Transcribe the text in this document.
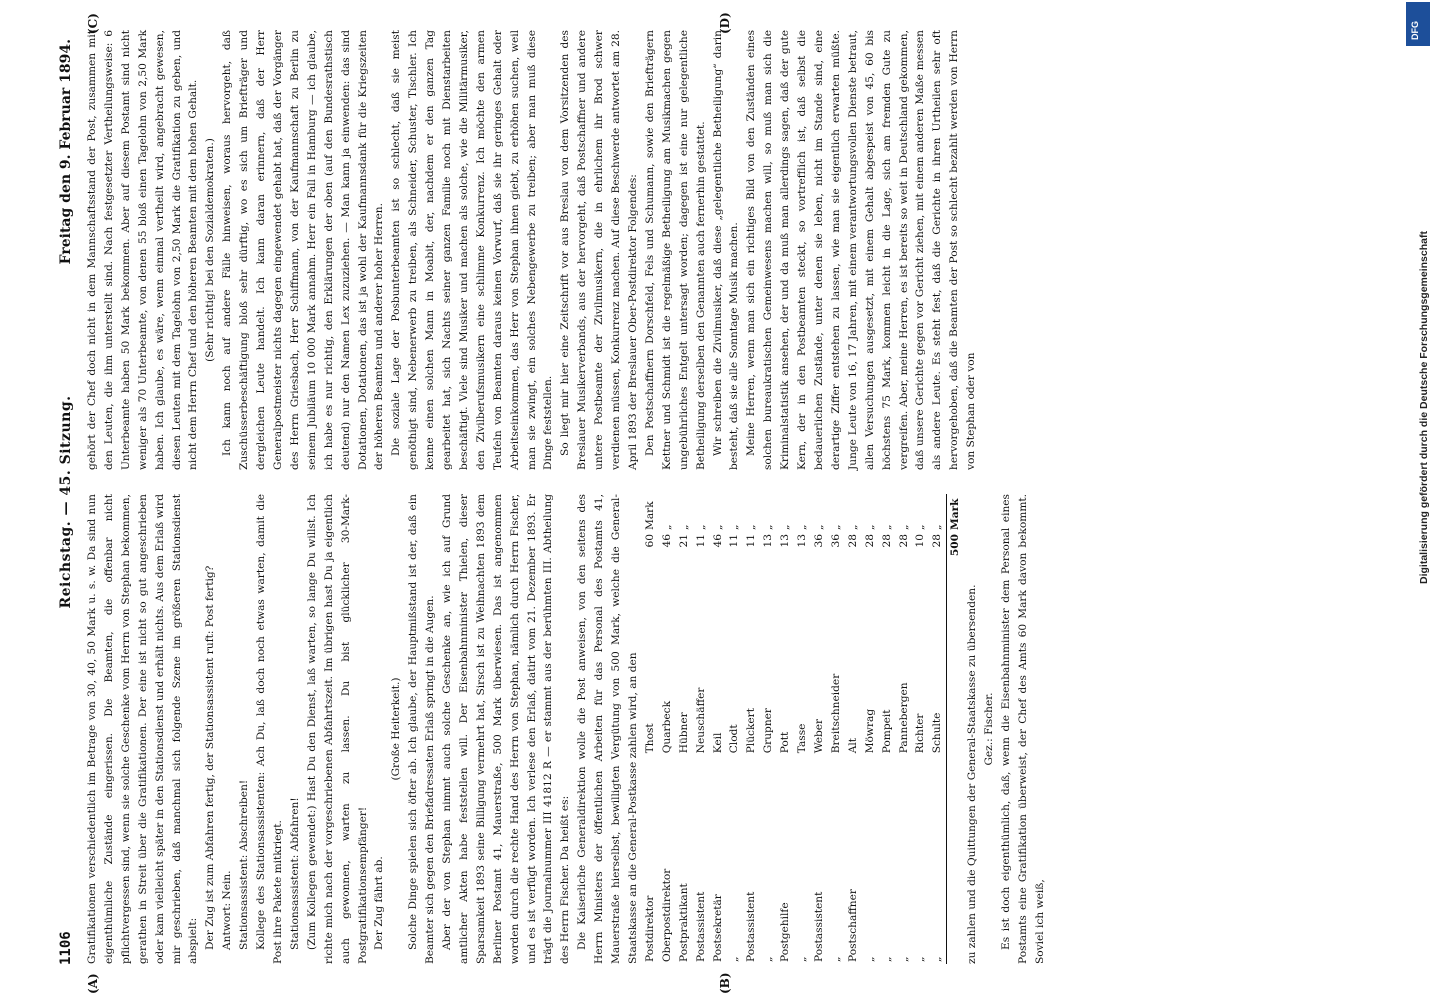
1106
Reichstag. — 45. Sitzung.
Freitag den 9. Februar 1894.
(A)	(B)
(C)	(D)

Gratifikationen verschiedentlich im Betrage von 30, 40, 50 Mark u. s. w. Da sind nun eigenthümliche Zustände eingerissen. Die Beamten, die offenbar nicht pflichtvergessen sind, wenn sie solche Geschenke vom Herrn von Stephan bekommen, gerathen in Streit über die Gratifikationen. Der eine ist nicht so gut angeschrieben oder kam vielleicht später in den Stationsdienst und erhält nichts. Aus dem Erlaß wird mir geschrieben, daß manchmal sich folgende Szene im größeren Stationsdienst abspielt: Der Zug ist zum Abfahren fertig, der Stationsassistent ruft: Post fertig? Antwort: Nein. Stationsassistent: Abschreiben! Kollege des Stationsassistenten: Ach Du, laß doch noch etwas warten, damit die Post ihre Pakete mitkriegt. Stationsassistent: Abfahren! (Zum Kollegen gewendet:) Hast Du den Dienst, laß warten, so lange Du willst. Ich richte mich nach der vorgeschriebenen Abfahrtszeit. Im übrigen hast Du ja eigentlich auch gewonnen, warten zu lassen. Du bist glücklicher 30-Mark-Postgratifikationsempfänger! Der Zug fährt ab.

(Große Heiterkeit.) Solche Dinge spielen sich öfter ab. Ich glaube, der Hauptmißstand ist der, daß ein Beamter sich gegen den Briefadressaten Erlaß springt in die Augen. Aber der von Stephan nimmt auch solche Geschenke an, wie ich auf Grund amtlicher Akten habe feststellen will. Der Eisenbahnminister Thielen, dieser Sparsamkeit 1893 seine Billigung vermehrt hat, Sirsch ist zu Weihnachten 1893 dem Berliner Postamt 41, Mauerstraße, 500 Mark überwiesen. Das ist angenommen worden durch die rechte Hand des Herrn von Stephan, nämlich durch Herrn Fischer, und es ist verfügt worden. Ich verlese den Erlaß, datirt vom 21. Dezember 1893. Er trägt die Journalnummer III 41812 R — er stammt aus der berühmten III. Abtheilung des Herrn Fischer. Da heißt es: Die Kaiserliche Generaldirektion wolle die Post anweisen, von den seitens des Herrn Ministers der öffentlichen Arbeiten für das Personal des Postamts 41, Mauerstraße hierselbst, bewilligten Vergütung von 500 Mark, welche die General-Staatskasse an die General-Postkasse zahlen wird, an den Postdirektor	Thost	60	Mark
Oberpostdirektor	Quarbeck	46	„
Postpraktikant	Hübner	21	„
Postassistent	Neuschäffer	11	„
Postsekretär	Keil	46	„
„	Clodt	11	„
Postassistent	Plückert	11	„
„	Grupner	13	„
Postgehilfe	Pott	13	„
„	Tasse	13	„
Postassistent	Weber	36	„
„	Breitschneider	36	„
Postschaffner	Alt	28	„
„	Möwrag	28	„
„	Pompeit	28	„
„	Pannebergen	28	„
„	Richter	10	„
„	Schulte	28	„
		500	Mark

zu zahlen und die Quittungen der General-Staatskasse zu übersenden. Gez.: Fischer. Es ist doch eigenthümlich, daß, wenn die Eisenbahnminister dem Personal eines Postamts eine Gratifikation überweist, der Chef des Amts 60 Mark davon bekommt. Soviel ich weiß,

gehört der Chef doch nicht in dem Mannschaftsstand der Post, zusammen mit den Leuten, die ihm unterstellt sind. Nach festgesetzter Vertheilungsweise: 6 Unterbeamte haben 50 Mark bekommen. Aber auf diesem Postamt sind nicht weniger als 70 Unterbeamte, von denen 55 bloß einen Tagelohn von 2,50 Mark haben. Ich glaube, es wäre, wenn einmal vertheilt wird, angebracht gewesen, diesen Leuten mit dem Tagelohn von 2,50 Mark die Gratifikation zu geben, und nicht dem Herrn Chef und den höheren Beamten mit dem hohen Gehalt. (Sehr richtig! bei den Sozialdemokraten.) Ich kann noch auf andere Fälle hinweisen, woraus hervorgeht, daß Zuschüsserbeschäftigung bloß sehr dürftig, wo es sich um Briefträger und dergleichen Leute handelt. Ich kann daran erinnern, daß der Herr Generalpostmeister nichts dagegen eingewendet gehabt hat, daß der Vorgänger des Herrn Griesbach, Herr Schiffmann, von der Kaufmannschaft zu Berlin zu seinem Jubiläum 10 000 Mark annahm. Herr ein Fall in Hamburg — ich glaube, ich habe es nur richtig, den Erklärungen der oben (auf den Bundesrathstisch deutend) nur den Namen Lex zuzuziehen. — Man kann ja einwenden: das sind Dotationen, Dotationen, das ist ja wohl der Kaufmannsdank für die Kriegszeiten der höheren Beamten und anderer hoher Herren. Die soziale Lage der Posbunterbeamten ist so schlecht, daß sie meist genöthigt sind, Nebenerwerb zu treiben, als Schneider, Schuster, Tischler. Ich kenne einen solchen Mann in Moabit, der, nachdem er den ganzen Tag gearbeitet hat, sich Nachts seiner ganzen Familie noch mit Dienstarbeiten beschäftigt. Viele sind Musiker und machen als solche, wie die Militärmusiker, den Zivilberufsmusikern eine schlimme Konkurrenz. Ich möchte den armen Teufeln von Beamten daraus keinen Vorwurf, daß sie ihr geringes Gehalt oder Arbeitseinkommen, das Herr von Stephan ihnen giebt, zu erhöhen suchen, weil man sie zwingt, ein solches Nebengewerbe zu treiben; aber man muß diese Dinge feststellen. So liegt mir hier eine Zeitschrift vor aus Breslau von dem Vorsitzenden des Breslauer Musikerverbands, aus der hervorgeht, daß Postschaffner und andere untere Postbeamte der Zivilmusikern, die in ehrlichem ihr Brod schwer verdienen müssen, Konkurrenz machen. Auf diese Beschwerde antwortet am 28. April 1893 der Breslauer Ober-Postdirektor Folgendes: Den Postschaffnern Dorschfeld, Fels und Schumann, sowie den Briefträgern Kettner und Schmidt ist die regelmäßige Betheiligung am Musikmachen gegen ungebührliches Entgelt untersagt worden; dagegen ist eine nur gelegentliche Betheiligung derselben den Genannten auch fernerhin gestattet. Wir schreiben die Zivilmusiker, daß diese „gelegentliche Betheiligung“ darin besteht, daß sie alle Sonntage Musik machen. Meine Herren, wenn man sich ein richtiges Bild von den Zuständen eines solchen bureaukratischen Gemeinwesens machen will, so muß man sich die Kriminalstatistik ansehen, der und da muß man allerdings sagen, daß der gute Kern, der in den Postbeamten steckt, so vortrefflich ist, daß selbst die bedauerlichen Zustände, unter denen sie leben, nicht im Stande sind, eine derartige Ziffer entstehen zu lassen, wie man sie eigentlich erwarten müßte. Junge Leute von 16, 17 Jahren, mit einem verantwortungsvollen Dienste betraut, allen Versuchungen ausgesetzt, mit einem Gehalt abgespeist von 45, 60 bis höchstens 75 Mark, kommen leicht in die Lage, sich am fremden Gute zu vergreifen. Aber, meine Herren, es ist bereits so weit in Deutschland gekommen, daß unsere Gerichte gegen vor Gericht ziehen, mit einem anderen Maße messen als andere Leute. Es steht fest, daß die Gerichte in ihren Urtheilen sehr oft hervorgehoben, daß die Beamten der Post so schlecht bezahlt werden von Herrn von Stephan oder von	Digitalisierung gefördert durch die Deutsche Forschungsgemeinschaft
DFG
